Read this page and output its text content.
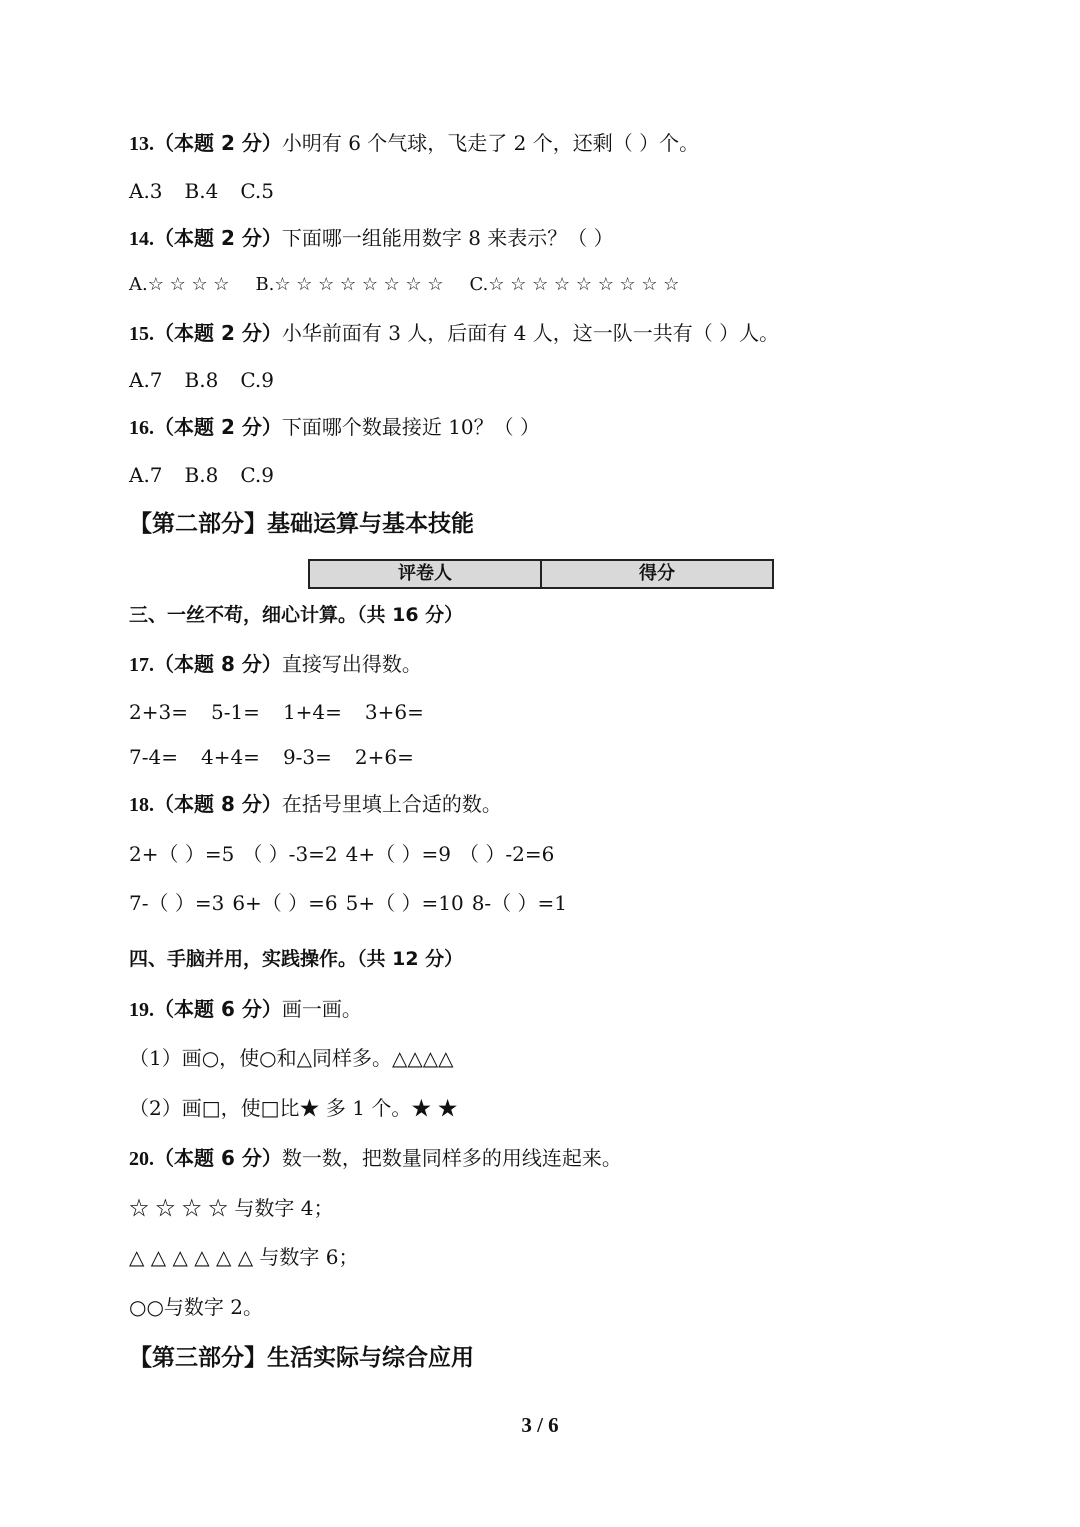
13.（本题 2 分）小明有 6 个气球，飞走了 2 个，还剩（ ）个。
A.3 B.4 C.5
14.（本题 2 分）下面哪一组能用数字 8 来表示？（ ）
A.☆ ☆ ☆ ☆ B.☆ ☆ ☆ ☆ ☆ ☆ ☆ ☆ C.☆ ☆ ☆ ☆ ☆ ☆ ☆ ☆ ☆
15.（本题 2 分）小华前面有 3 人，后面有 4 人，这一队一共有（ ）人。
A.7 B.8 C.9
16.（本题 2 分）下面哪个数最接近 10？（ ）
A.7 B.8 C.9
【第二部分】基础运算与基本技能
评卷人	得分
三、一丝不苟，细心计算。（共 16 分）
17.（本题 8 分）直接写出得数。
2+3= 5-1= 1+4= 3+6=
7-4= 4+4= 9-3= 2+6=
18.（本题 8 分）在括号里填上合适的数。
2+（ ）=5 （ ）-3=2 4+（ ）=9 （ ）-2=6
7-（ ）=3 6+（ ）=6 5+（ ）=10 8-（ ）=1
四、手脑并用，实践操作。（共 12 分）
19.（本题 6 分）画一画。
（1）画○，使○和△同样多。△△△△
（2）画□，使□比★ 多 1 个。★ ★
20.（本题 6 分）数一数，把数量同样多的用线连起来。
☆ ☆ ☆ ☆ 与数字 4；
△ △ △ △ △ △ 与数字 6；
○○与数字 2。
【第三部分】生活实际与综合应用
3 / 6
